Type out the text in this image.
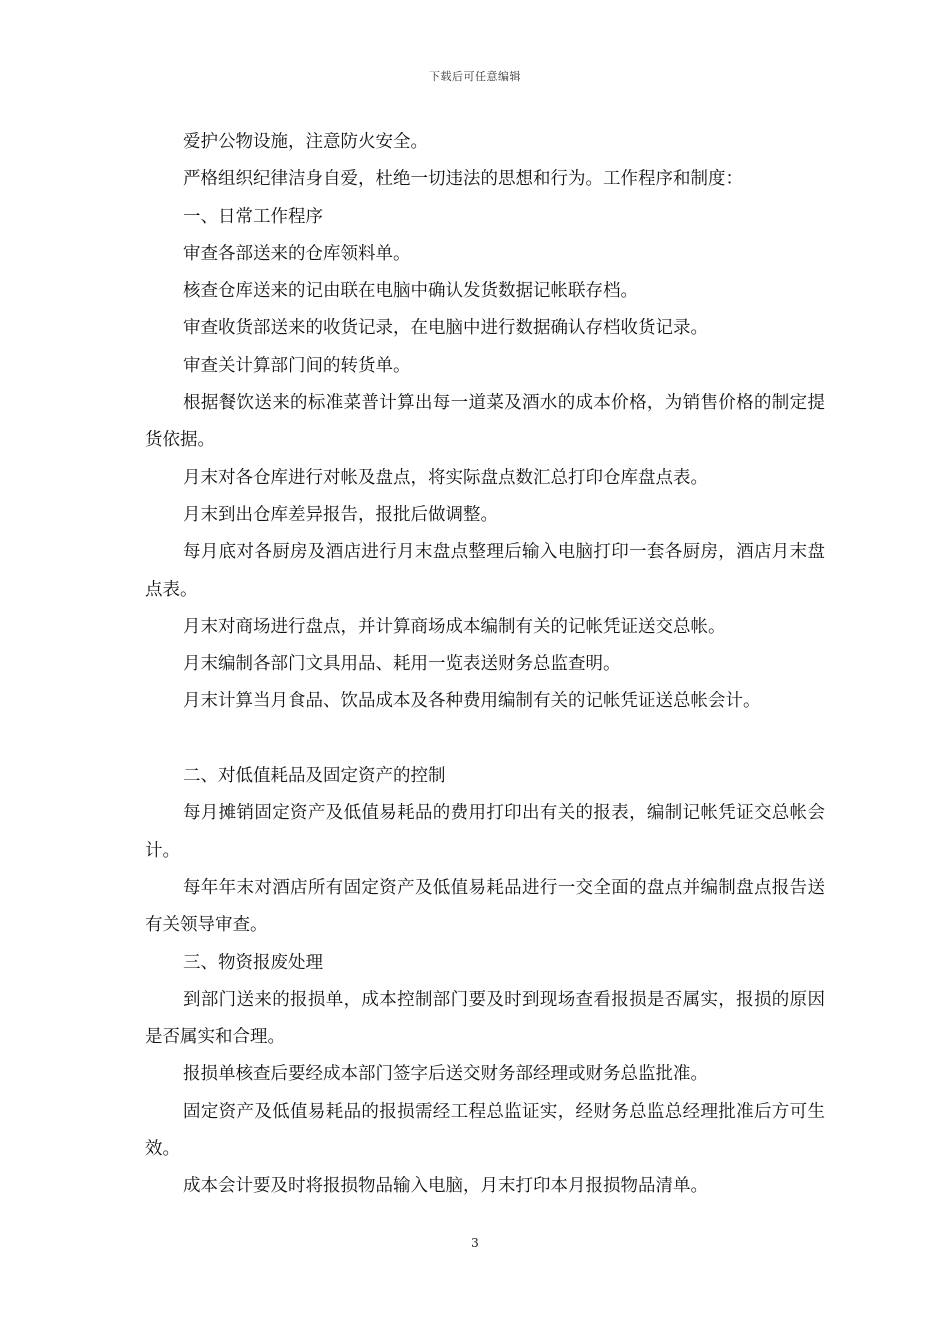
下载后可任意编辑

爱护公物设施，注意防火安全。

严格组织纪律洁身自爱，杜绝一切违法的思想和行为。工作程序和制度：

一、日常工作程序

审查各部送来的仓库领料单。

核查仓库送来的记由联在电脑中确认发货数据记帐联存档。

审查收货部送来的收货记录，在电脑中进行数据确认存档收货记录。

审查关计算部门间的转货单。

根据餐饮送来的标准菜普计算出每一道菜及酒水的成本价格，为销售价格的制定提货依据。

月末对各仓库进行对帐及盘点，将实际盘点数汇总打印仓库盘点表。

月末到出仓库差异报告，报批后做调整。

每月底对各厨房及酒店进行月末盘点整理后输入电脑打印一套各厨房，酒店月末盘点表。

月末对商场进行盘点，并计算商场成本编制有关的记帐凭证送交总帐。

月末编制各部门文具用品、耗用一览表送财务总监查明。

月末计算当月食品、饮品成本及各种费用编制有关的记帐凭证送总帐会计。

二、对低值耗品及固定资产的控制

每月摊销固定资产及低值易耗品的费用打印出有关的报表，编制记帐凭证交总帐会计。

每年年末对酒店所有固定资产及低值易耗品进行一交全面的盘点并编制盘点报告送有关领导审查。

三、物资报废处理

到部门送来的报损单，成本控制部门要及时到现场查看报损是否属实，报损的原因是否属实和合理。

报损单核查后要经成本部门签字后送交财务部经理或财务总监批准。

固定资产及低值易耗品的报损需经工程总监证实，经财务总监总经理批准后方可生效。

成本会计要及时将报损物品输入电脑，月末打印本月报损物品清单。

3
